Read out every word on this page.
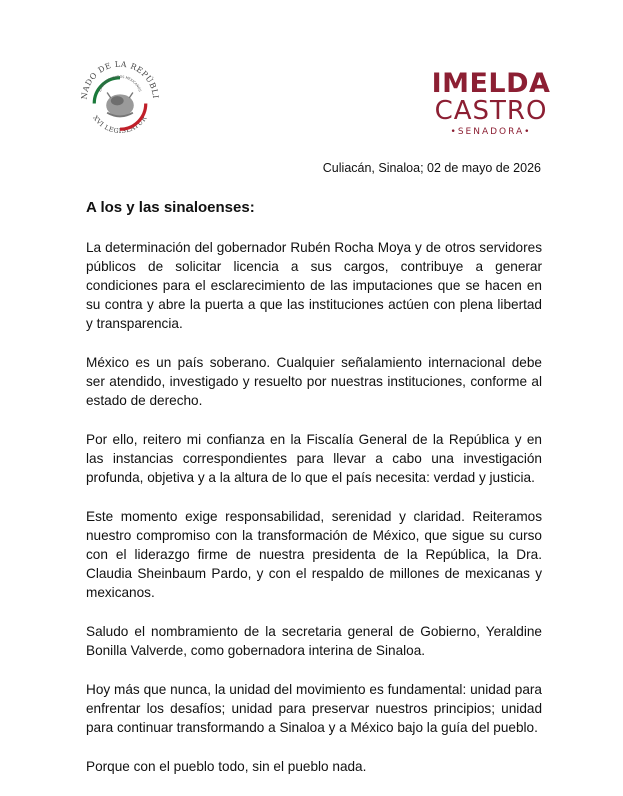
NADO DE LA REPÚBLI
XVI LEGISLATUR
ESTADOS UNIDOS MEXICANOS	IMELDA
CASTRO
•SENADORA•
Culiacán, Sinaloa; 02 de mayo de 2026
A los y las sinaloenses:

La determinación del gobernador Rubén Rocha Moya y de otros servidores públicos de solicitar licencia a sus cargos, contribuye a generar condiciones para el esclarecimiento de las imputaciones que se hacen en su contra y abre la puerta a que las instituciones actúen con plena libertad y transparencia.

México es un país soberano. Cualquier señalamiento internacional debe ser atendido, investigado y resuelto por nuestras instituciones, conforme al estado de derecho.

Por ello, reitero mi confianza en la Fiscalía General de la República y en las instancias correspondientes para llevar a cabo una investigación profunda, objetiva y a la altura de lo que el país necesita: verdad y justicia.

Este momento exige responsabilidad, serenidad y claridad. Reiteramos nuestro compromiso con la transformación de México, que sigue su curso con el liderazgo firme de nuestra presidenta de la República, la Dra. Claudia Sheinbaum Pardo, y con el respaldo de millones de mexicanas y mexicanos.

Saludo el nombramiento de la secretaria general de Gobierno, Yeraldine Bonilla Valverde, como gobernadora interina de Sinaloa.

Hoy más que nunca, la unidad del movimiento es fundamental: unidad para enfrentar los desafíos; unidad para preservar nuestros principios; unidad para continuar transformando a Sinaloa y a México bajo la guía del pueblo.

Porque con el pueblo todo, sin el pueblo nada.
